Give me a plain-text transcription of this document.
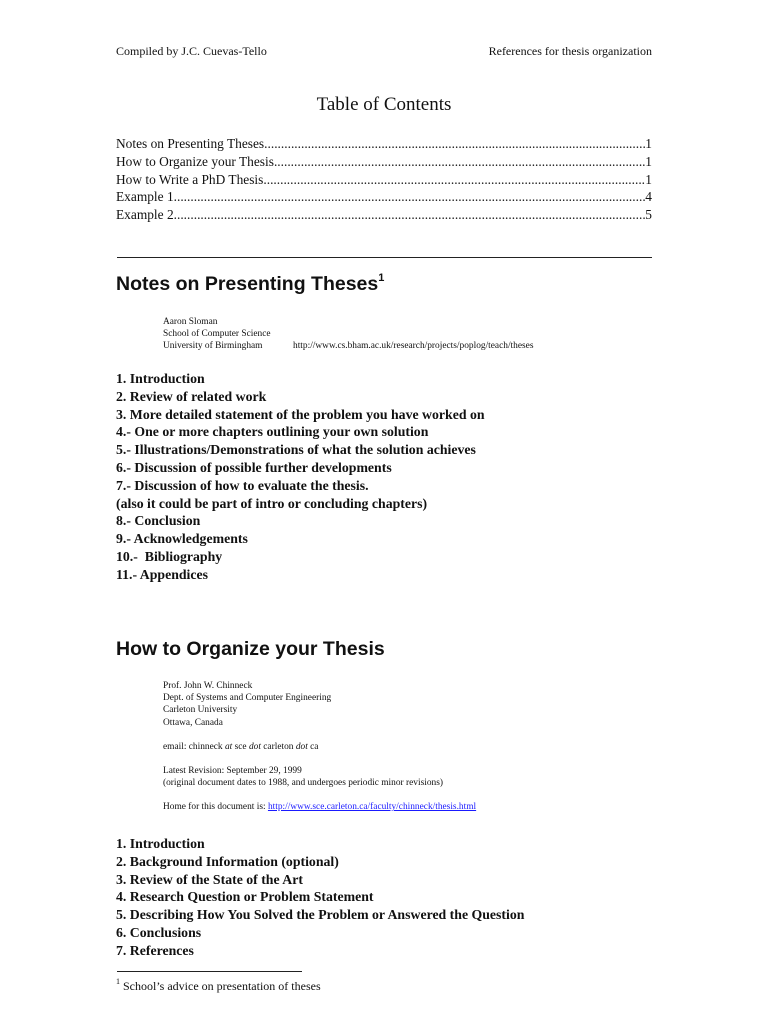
Compiled by J.C. Cuevas-Tello	References for thesis organization
Table of Contents
Notes on Presenting Theses .....	1
How to Organize your Thesis .....	1
How to Write a PhD Thesis .....	1
Example 1 .....	4
Example 2 .....	5
Notes on Presenting Theses$^1$
Aaron Sloman
School of Computer Science
University of Birmingham	http://www.cs.bham.ac.uk/research/projects/poplog/teach/theses
1. Introduction
2. Review of related work
3. More detailed statement of the problem you have worked on
4.- One or more chapters outlining your own solution
5.- Illustrations/Demonstrations of what the solution achieves
6.- Discussion of possible further developments
7.- Discussion of how to evaluate the thesis.
(also it could be part of intro or concluding chapters)
8.- Conclusion
9.- Acknowledgements
10.-  Bibliography
11.- Appendices
How to Organize your Thesis
Prof. John W. Chinneck
Dept. of Systems and Computer Engineering
Carleton University
Ottawa, Canada
email: chinneck at sce dot carleton dot ca
Latest Revision: September 29, 1999
(original document dates to 1988, and undergoes periodic minor revisions)
Home for this document is: http://www.sce.carleton.ca/faculty/chinneck/thesis.html
1. Introduction
2. Background Information (optional)
3. Review of the State of the Art
4. Research Question or Problem Statement
5. Describing How You Solved the Problem or Answered the Question
6. Conclusions
7. References
$^1$ School’s advice on presentation of theses
